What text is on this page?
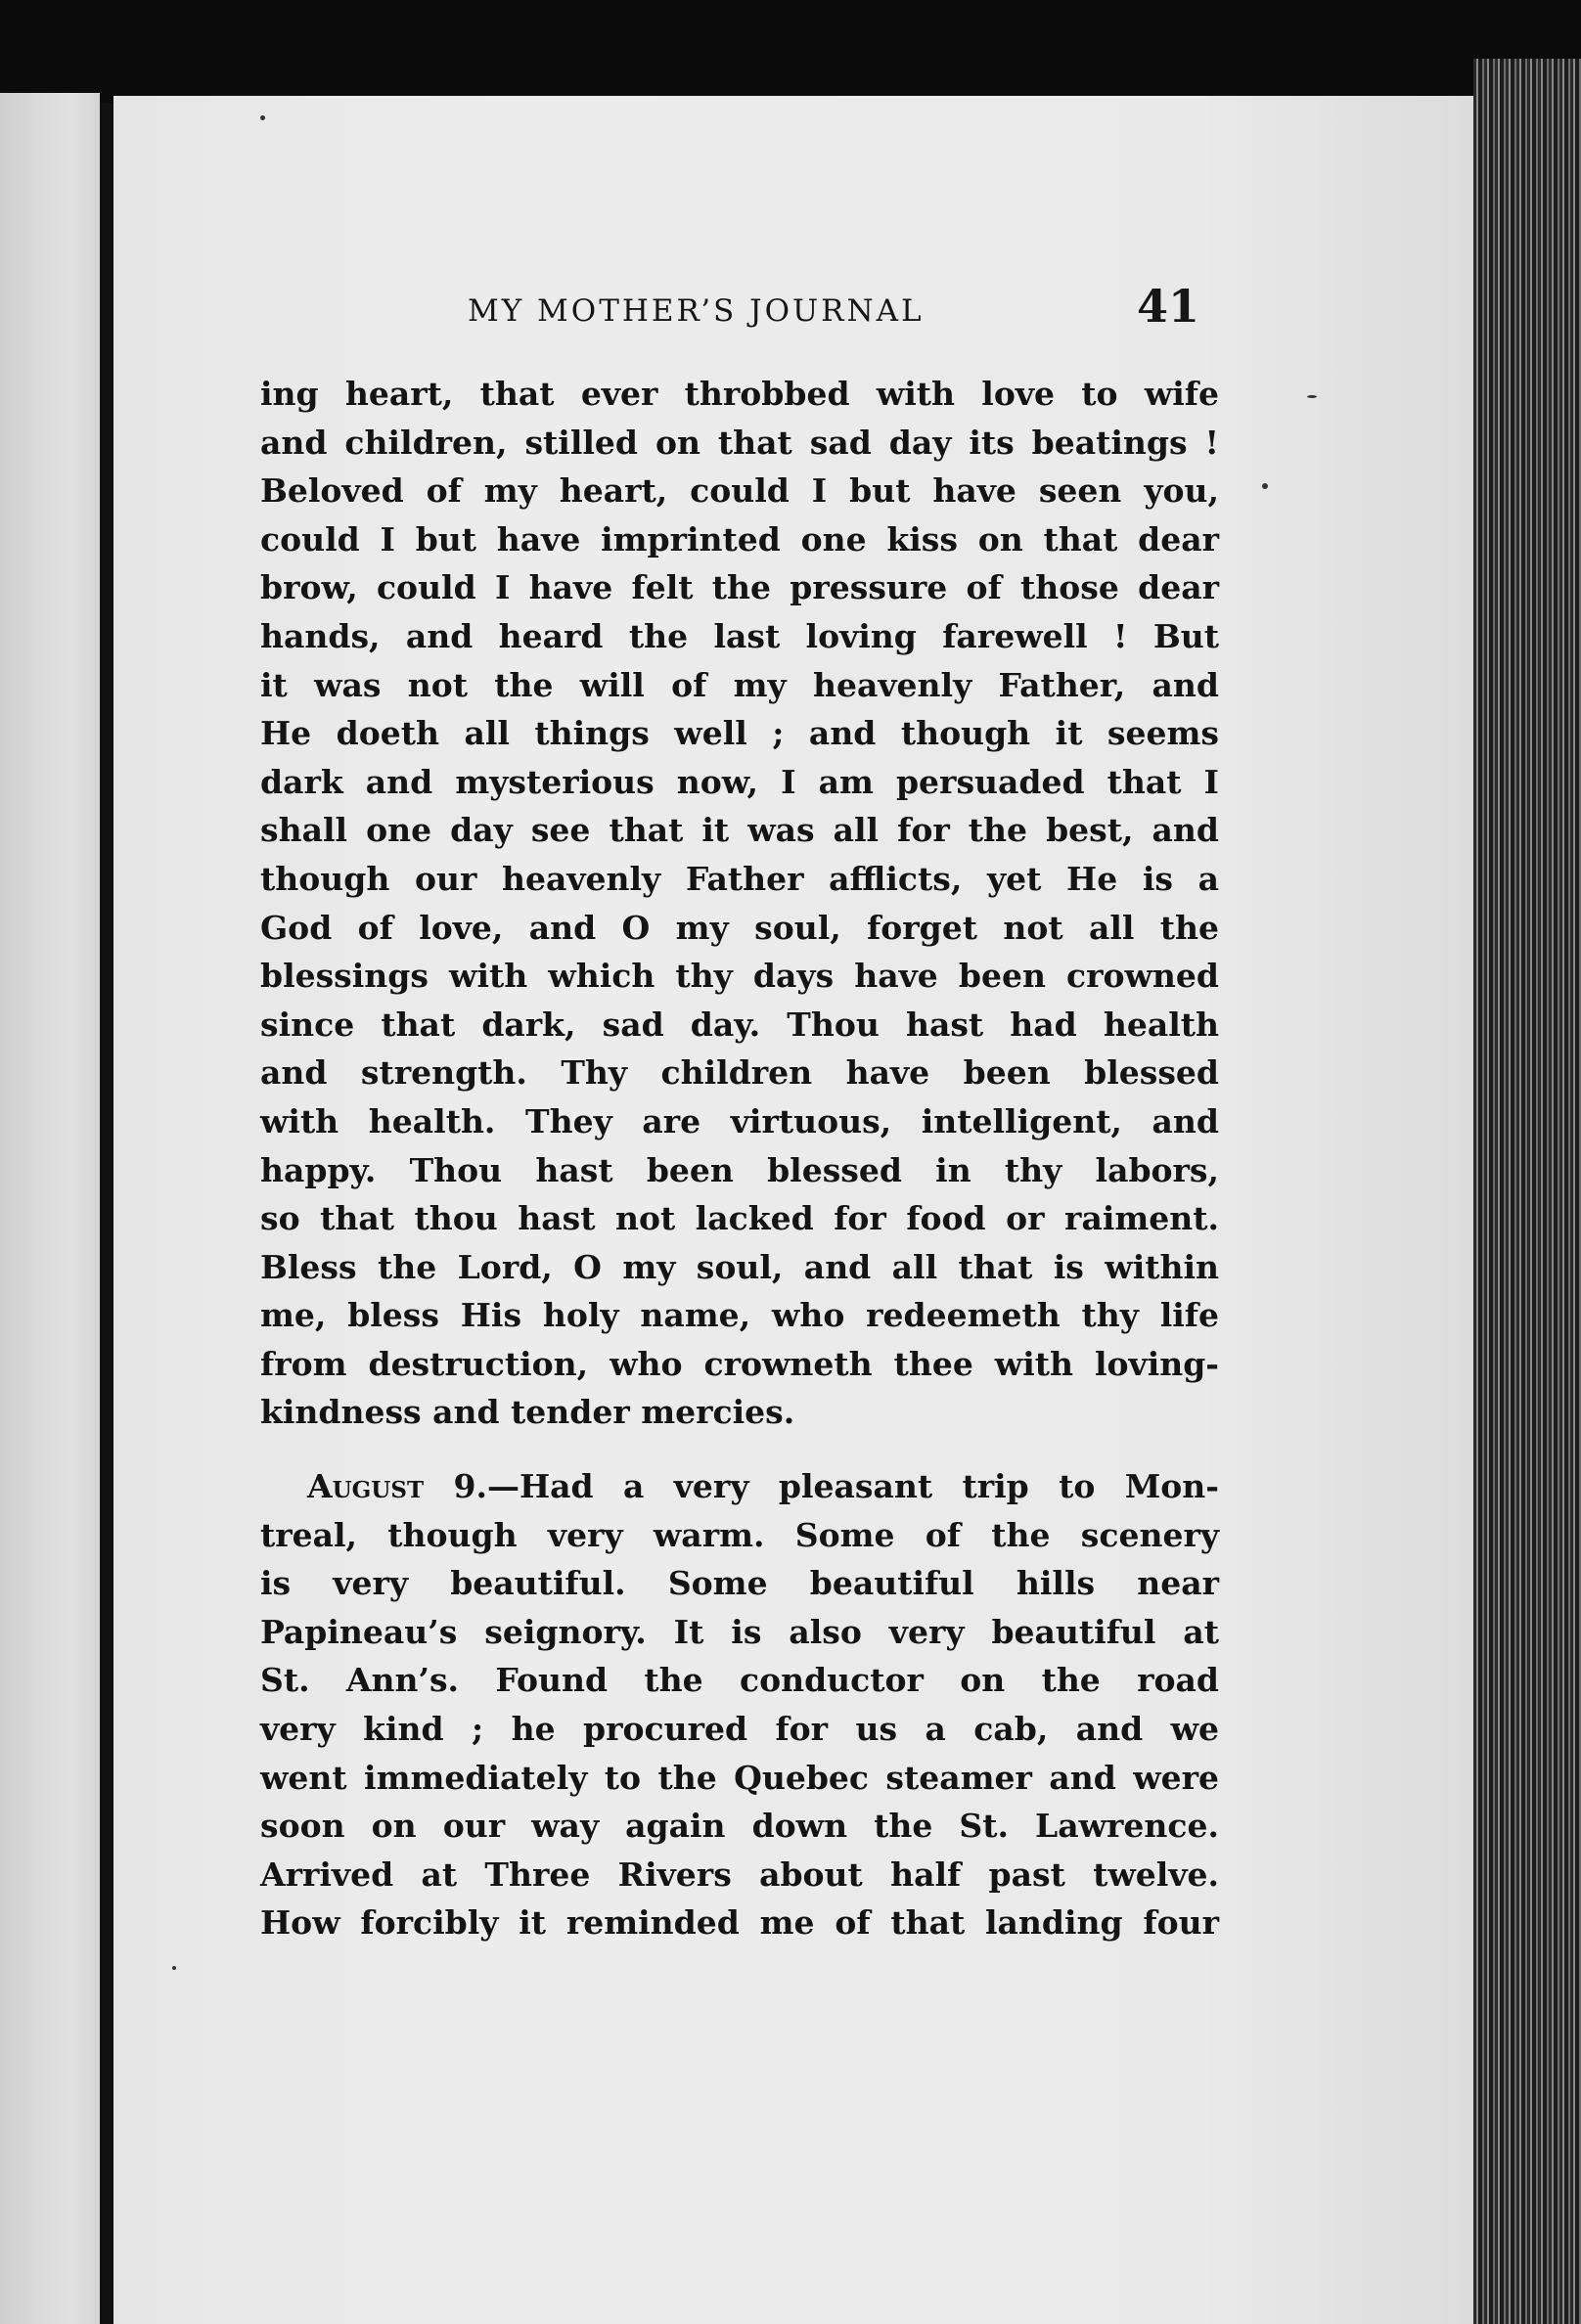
MY MOTHER’S JOURNAL	41
ing heart, that ever throbbed with love to wife
and children, stilled on that sad day its beatings !
Beloved of my heart, could I but have seen you,
could I but have imprinted one kiss on that dear
brow, could I have felt the pressure of those dear
hands, and heard the last loving farewell ! But
it was not the will of my heavenly Father, and
He doeth all things well ; and though it seems
dark and mysterious now, I am persuaded that I
shall one day see that it was all for the best, and
though our heavenly Father afflicts, yet He is a
God of love, and O my soul, forget not all the
blessings with which thy days have been crowned
since that dark, sad day. Thou hast had health
and strength. Thy children have been blessed
with health. They are virtuous, intelligent, and
happy. Thou hast been blessed in thy labors,
so that thou hast not lacked for food or raiment.
Bless the Lord, O my soul, and all that is within
me, bless His holy name, who redeemeth thy life
from destruction, who crowneth thee with loving-
kindness and tender mercies.
August 9.—Had a very pleasant trip to Mon-
treal, though very warm. Some of the scenery
is very beautiful. Some beautiful hills near
Papineau’s seignory. It is also very beautiful at
St. Ann’s. Found the conductor on the road
very kind ; he procured for us a cab, and we
went immediately to the Quebec steamer and were
soon on our way again down the St. Lawrence.
Arrived at Three Rivers about half past twelve.
How forcibly it reminded me of that landing four
